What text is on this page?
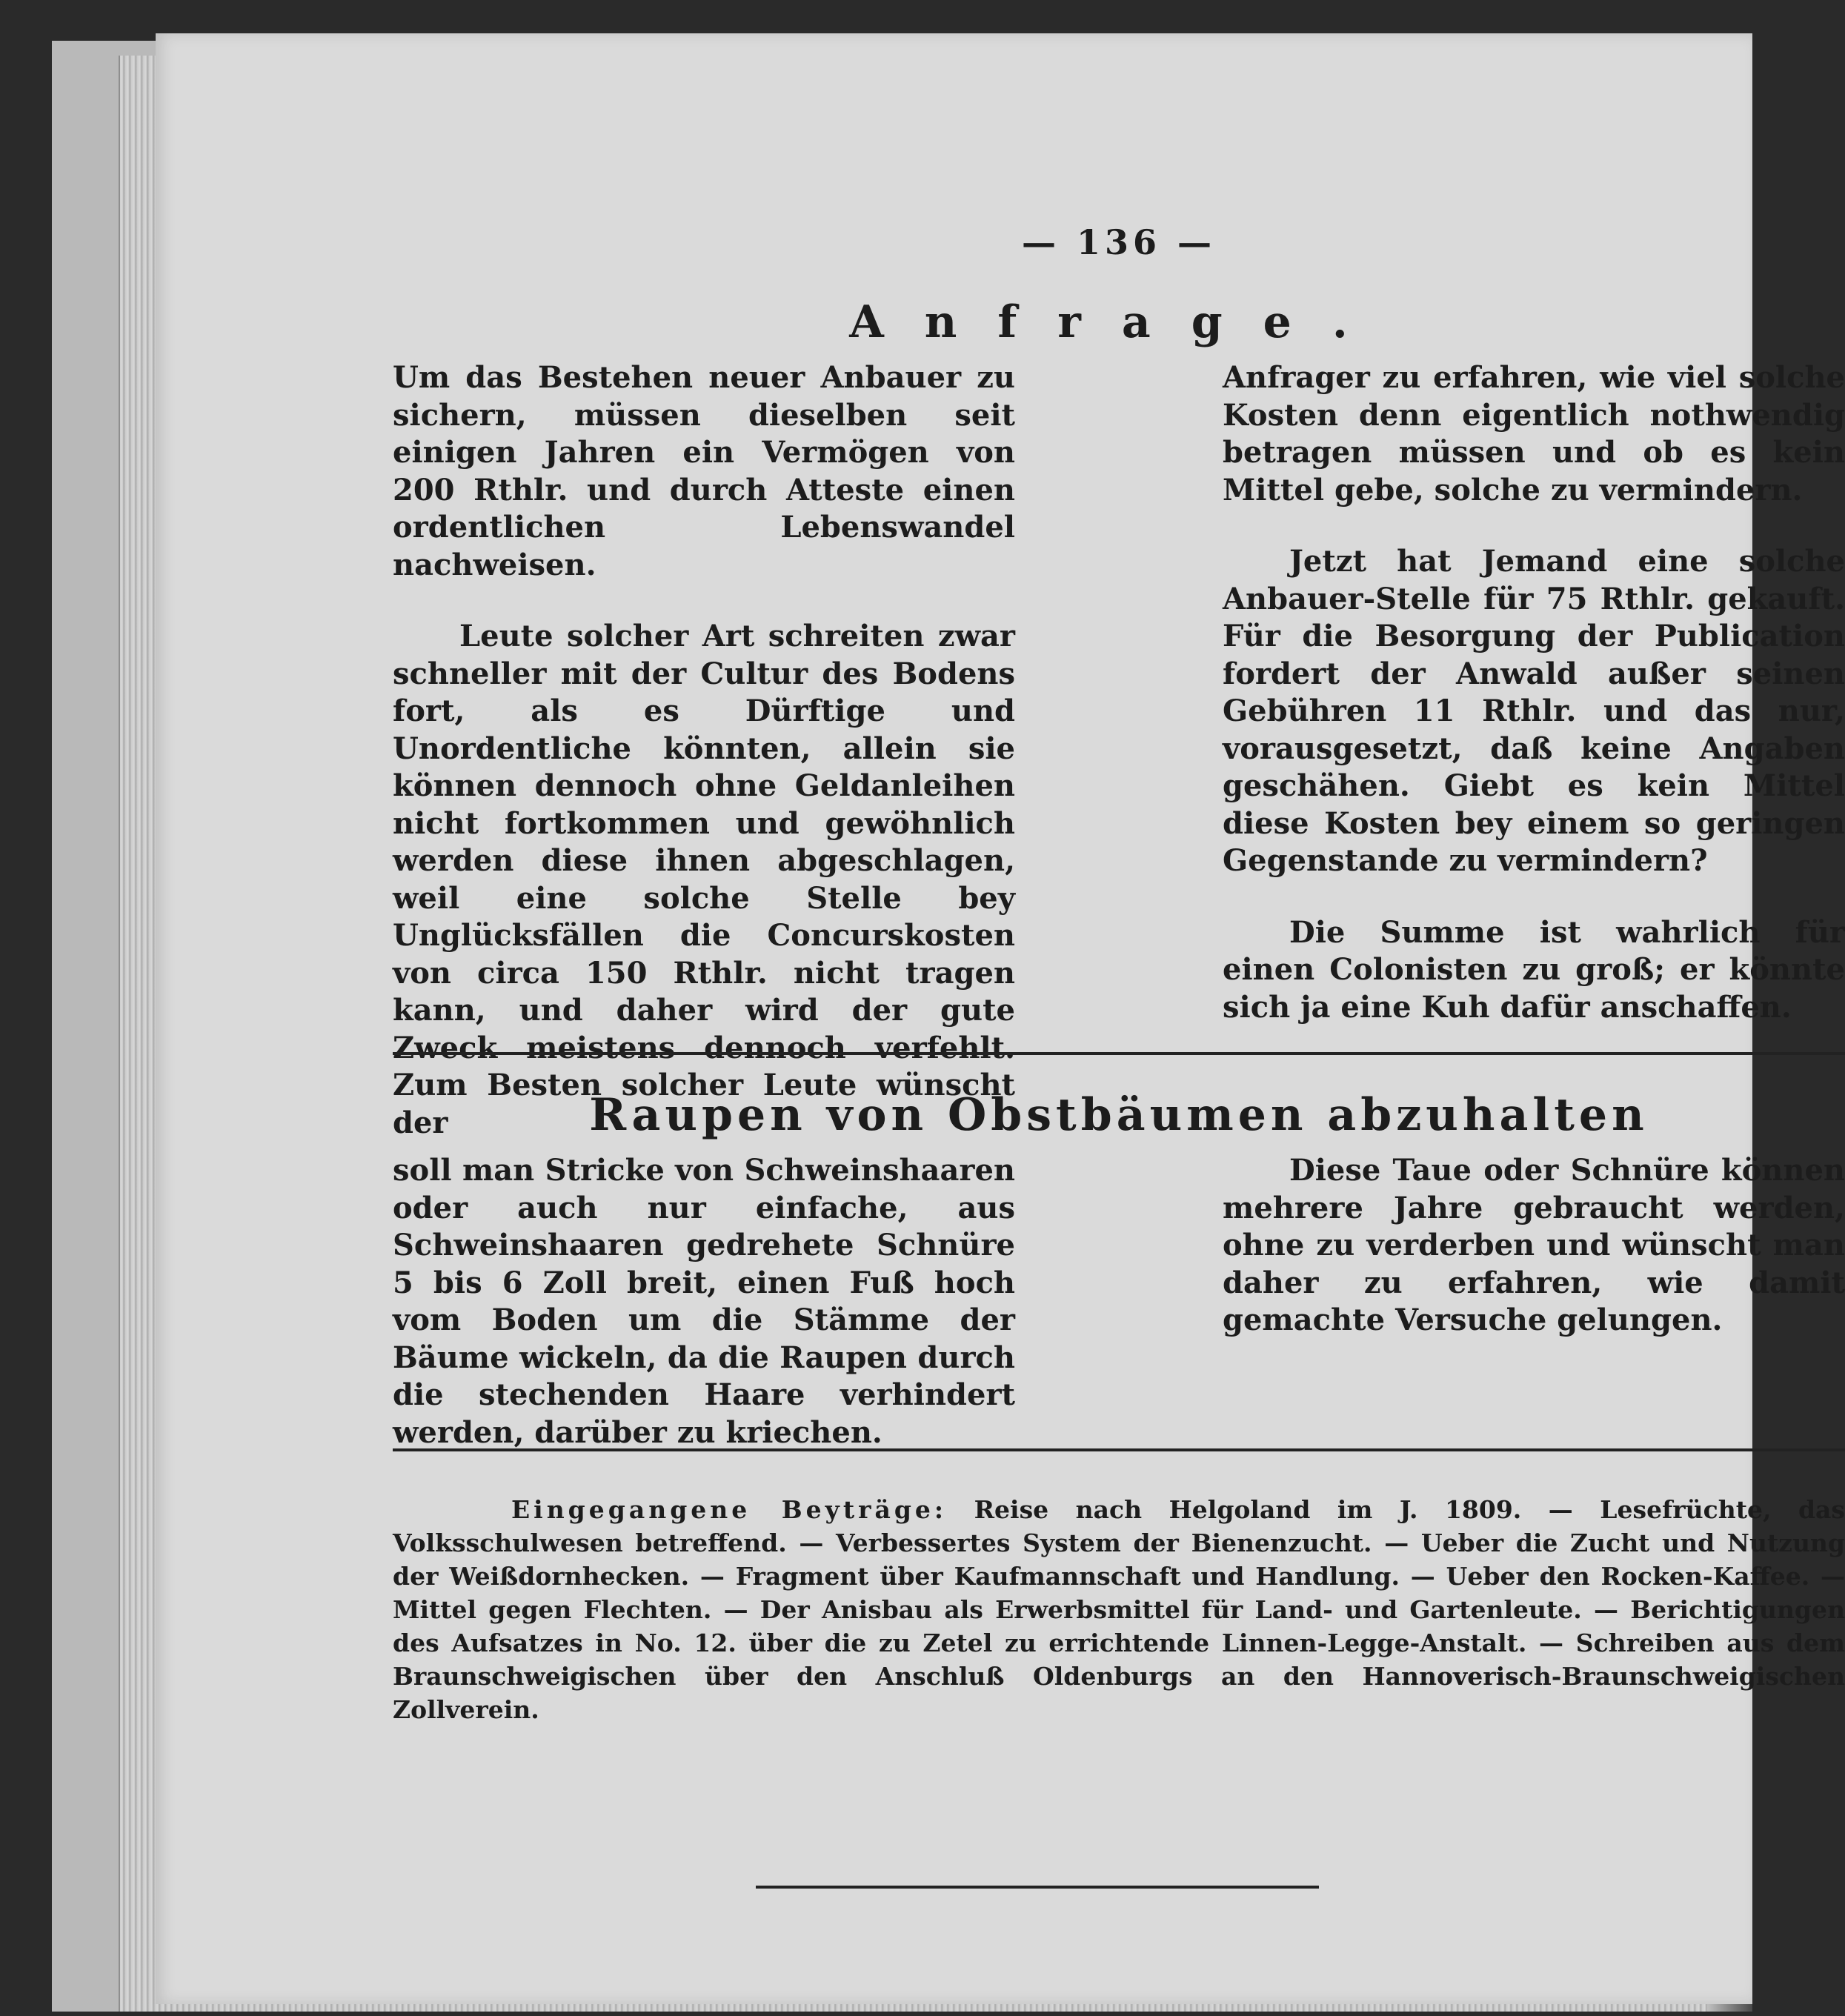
— 136 —
Anfrage.

Um das Bestehen neuer Anbauer zu sichern, müssen dieselben seit einigen Jahren ein Vermögen von 200 Rthlr. und durch Atteste einen ordentlichen Lebenswandel nachweisen.

Leute solcher Art schreiten zwar schneller mit der Cultur des Bodens fort, als es Dürftige und Unordentliche könnten, allein sie können dennoch ohne Geldanleihen nicht fortkommen und gewöhnlich werden diese ihnen abgeschlagen, weil eine solche Stelle bey Unglücksfällen die Concurskosten von circa 150 Rthlr. nicht tragen kann, und daher wird der gute Zweck meistens dennoch verfehlt. Zum Besten solcher Leute wünscht der

Anfrager zu erfahren, wie viel solche Kosten denn eigentlich nothwendig betragen müssen und ob es kein Mittel gebe, solche zu vermindern.

Jetzt hat Jemand eine solche Anbauer-Stelle für 75 Rthlr. gekauft. Für die Besorgung der Publication fordert der Anwald außer seinen Gebühren 11 Rthlr. und das nur, vorausgesetzt, daß keine Angaben geschähen. Giebt es kein Mittel diese Kosten bey einem so geringen Gegenstande zu vermindern?

Die Summe ist wahrlich für einen Colonisten zu groß; er könnte sich ja eine Kuh dafür anschaffen.

Raupen von Obstbäumen abzuhalten

soll man Stricke von Schweinshaaren oder auch nur einfache, aus Schweinshaaren gedrehete Schnüre 5 bis 6 Zoll breit, einen Fuß hoch vom Boden um die Stämme der Bäume wickeln, da die Raupen durch die stechenden Haare verhindert werden, darüber zu kriechen.

Diese Taue oder Schnüre können mehrere Jahre gebraucht werden, ohne zu verderben und wünscht man daher zu erfahren, wie damit gemachte Versuche gelungen.

Eingegangene Beyträge: Reise nach Helgoland im J. 1809. — Lesefrüchte, das Volksschulwesen betreffend. — Verbessertes System der Bienenzucht. — Ueber die Zucht und Nutzung der Weißdornhecken. — Fragment über Kaufmannschaft und Handlung. — Ueber den Rocken-Kaffee. — Mittel gegen Flechten. — Der Anisbau als Erwerbsmittel für Land- und Gartenleute. — Berichtigungen des Aufsatzes in No. 12. über die zu Zetel zu errichtende Linnen-Legge-Anstalt. — Schreiben aus dem Braunschweigischen über den Anschluß Oldenburgs an den Hannoverisch-Braunschweigischen Zollverein.
